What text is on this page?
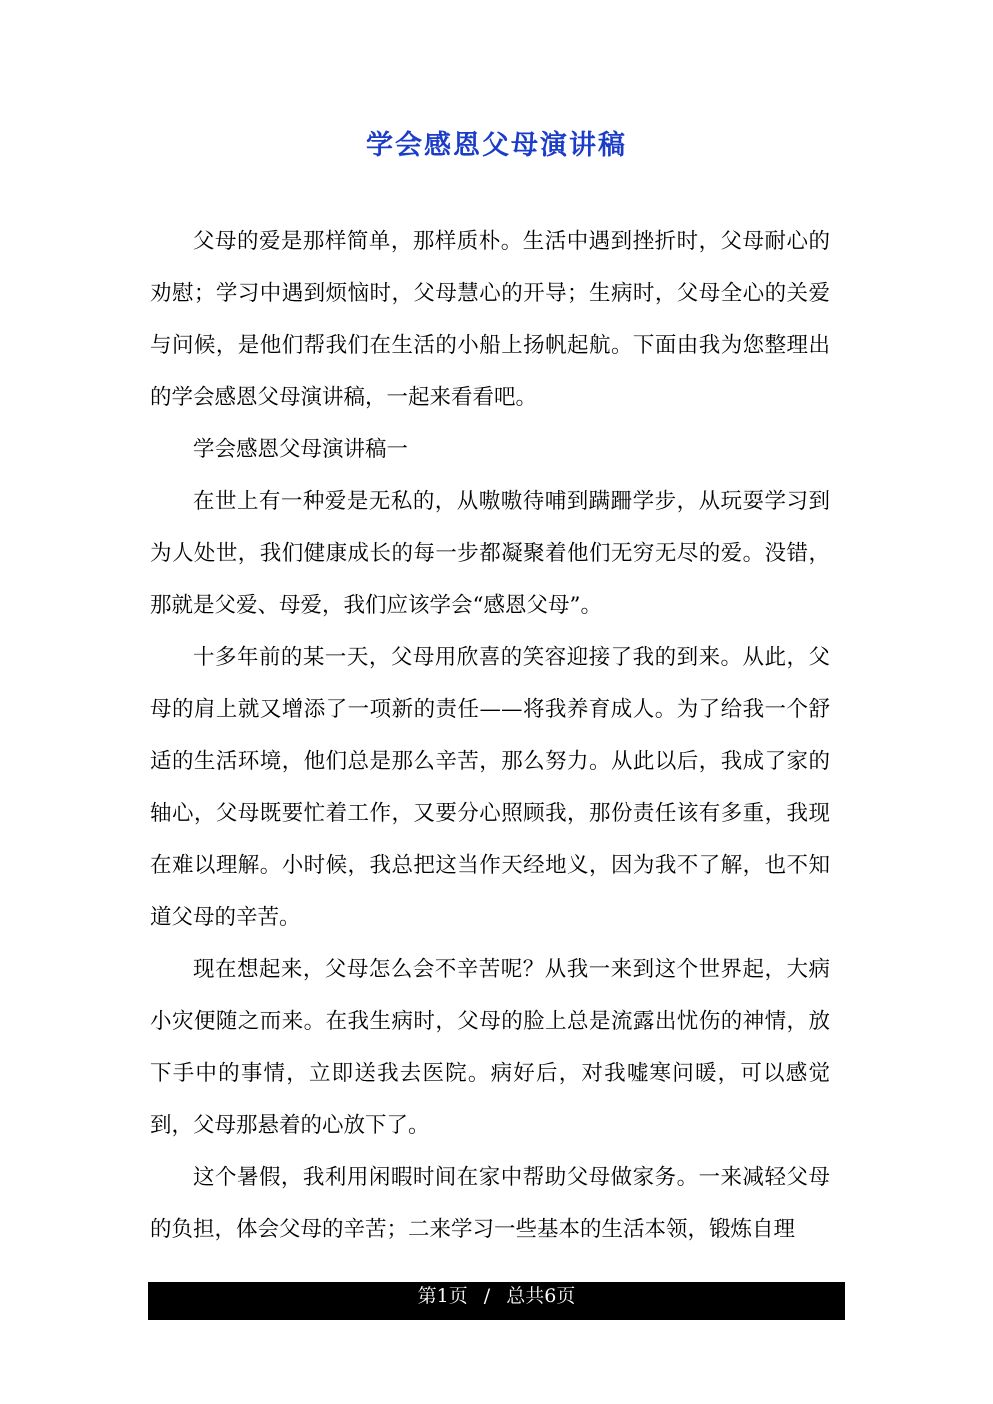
学会感恩父母演讲稿

父母的爱是那样简单，那样质朴。生活中遇到挫折时，父母耐心的劝慰；学习中遇到烦恼时，父母慧心的开导；生病时，父母全心的关爱与问候，是他们帮我们在生活的小船上扬帆起航。下面由我为您整理出的学会感恩父母演讲稿，一起来看看吧。

学会感恩父母演讲稿一

在世上有一种爱是无私的，从嗷嗷待哺到蹒跚学步，从玩耍学习到为人处世，我们健康成长的每一步都凝聚着他们无穷无尽的爱。没错，那就是父爱、母爱，我们应该学会“感恩父母”。

十多年前的某一天，父母用欣喜的笑容迎接了我的到来。从此，父母的肩上就又增添了一项新的责任——将我养育成人。为了给我一个舒适的生活环境，他们总是那么辛苦，那么努力。从此以后，我成了家的轴心，父母既要忙着工作，又要分心照顾我，那份责任该有多重，我现在难以理解。小时候，我总把这当作天经地义，因为我不了解，也不知道父母的辛苦。

现在想起来，父母怎么会不辛苦呢？从我一来到这个世界起，大病小灾便随之而来。在我生病时，父母的脸上总是流露出忧伤的神情，放下手中的事情，立即送我去医院。病好后，对我嘘寒问暖，可以感觉到，父母那悬着的心放下了。

这个暑假，我利用闲暇时间在家中帮助父母做家务。一来减轻父母的负担，体会父母的辛苦；二来学习一些基本的生活本领，锻炼自理

第1页 / 总共6页
